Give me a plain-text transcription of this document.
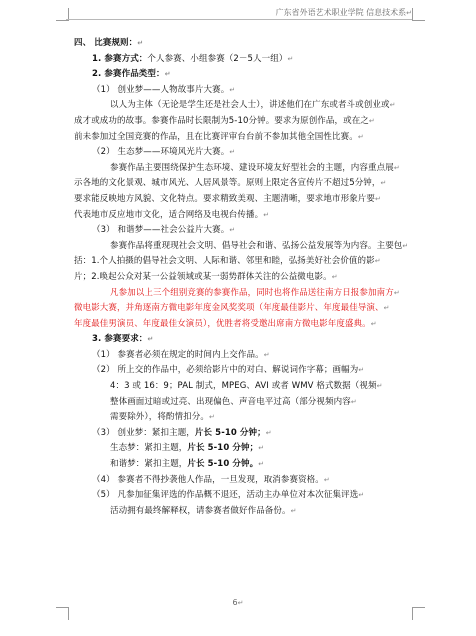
广东省外语艺术职业学院 信息技术系↵
四、 比赛规则：↵
1. 参赛方式：个人参赛、小组参赛（2－5人一组）↵
2. 参赛作品类型：↵
（1） 创业梦——人物故事片大赛。↵
以人为主体（无论是学生还是社会人士），讲述他们在广东或者斗或创业或↵
成才或成功的故事。参赛作品时长限制为5-10分钟。要求为原创作品，或在之↵
前未参加过全国竞赛的作品，且在比赛评审台台前不参加其他全国性比赛。↵
（2） 生态梦——环境风光片大赛。↵
参赛作品主要围绕保护生态环境、建设环境友好型社会的主题，内容重点展↵
示各地的文化景观、城市风光、人居风景等。原则上限定各宣传片不超过5分钟，↵
要求能反映地方风貌、文化特点。要求精致美观、主题清晰，要求地市形象片要↵
代表地市反应地市文化，适合网络及电视台传播。↵
（3） 和谐梦——社会公益片大赛。↵
参赛作品将重现现社会文明、倡导社会和谐、弘扬公益发展等为内容。主要包↵
括：1.个人拍摄的倡导社会文明、人际和谐、邻里和睦，弘扬美好社会价值的影↵
片；2.唤起公众对某一公益领域或某一弱势群体关注的公益微电影。↵
凡参加以上三个组别竞赛的参赛作品，同时也将作品送往南方日报参加南方↵
微电影大赛，并角逐南方微电影年度金风奖奖项（年度最佳影片、年度最佳导演、↵
年度最佳男演员、年度最佳女演员），优胜者将受邀出席南方微电影年度盛典。↵
3. 参赛要求：↵
（1） 参赛者必须在规定的时间内上交作品。↵
（2） 所上交的作品中，必须给影片中的对白、解说词作字幕；画幅为↵
4：3 或 16：9；PAL 制式，MPEG、AVI 或者 WMV 格式数据（视频↵
整体画面过暗或过亮、出现偏色、声音电平过高（部分视频内容↵
需要除外），将酌情扣分。↵
（3） 创业梦：紧扣主题，片长 5-10 分钟；↵
生态梦：紧扣主题，片长 5-10 分钟；↵
和谐梦：紧扣主题，片长 5-10 分钟。↵
（4） 参赛者不得抄袭他人作品，一旦发现，取消参赛资格。↵
（5） 凡参加征集评选的作品概不退还，活动主办单位对本次征集评选↵
活动拥有最终解释权，请参赛者做好作品备份。↵
6↵
